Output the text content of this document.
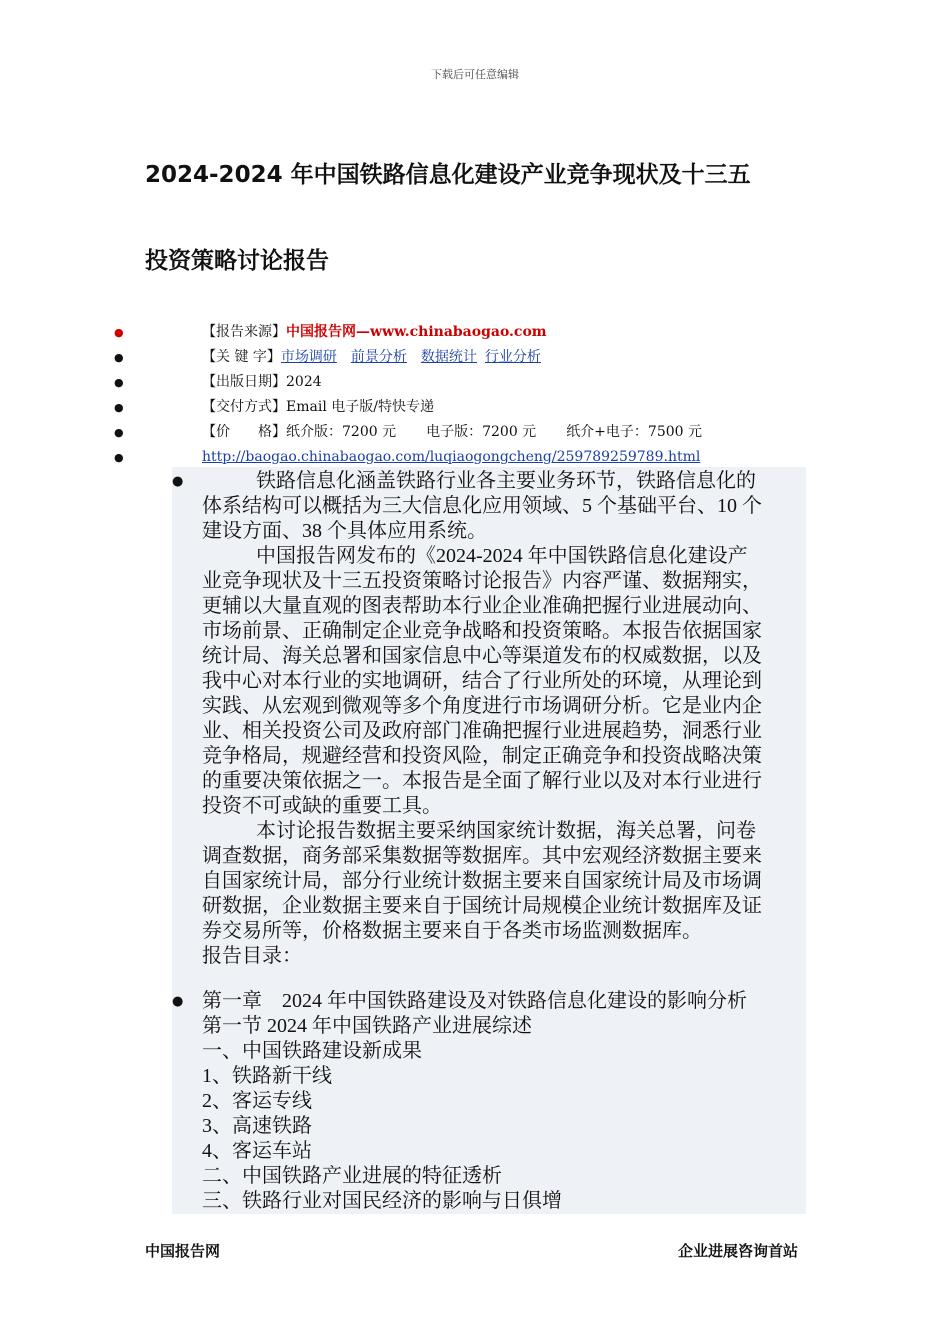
下载后可任意编辑
2024-2024 年中国铁路信息化建设产业竞争现状及十三五
投资策略讨论报告
●	【报告来源】中国报告网—www.chinabaogao.com
●	【关 键 字】市场调研 前景分析 数据统计 行业分析
●	【出版日期】2024
●	【交付方式】Email 电子版/特快专递
●	【价　　格】纸介版：7200 元 电子版：7200 元 纸介+电子：7500 元
●	http://baogao.chinabaogao.com/luqiaogongcheng/259789259789.html
●	铁路信息化涵盖铁路行业各主要业务环节，铁路信息化的
体系结构可以概括为三大信息化应用领域、5 个基础平台、10 个
建设方面、38 个具体应用系统。
中国报告网发布的《2024-2024 年中国铁路信息化建设产
业竞争现状及十三五投资策略讨论报告》内容严谨、数据翔实，
更辅以大量直观的图表帮助本行业企业准确把握行业进展动向、
市场前景、正确制定企业竞争战略和投资策略。本报告依据国家
统计局、海关总署和国家信息中心等渠道发布的权威数据，以及
我中心对本行业的实地调研，结合了行业所处的环境，从理论到
实践、从宏观到微观等多个角度进行市场调研分析。它是业内企
业、相关投资公司及政府部门准确把握行业进展趋势，洞悉行业
竞争格局，规避经营和投资风险，制定正确竞争和投资战略决策
的重要决策依据之一。本报告是全面了解行业以及对本行业进行
投资不可或缺的重要工具。
本讨论报告数据主要采纳国家统计数据，海关总署，问卷
调查数据，商务部采集数据等数据库。其中宏观经济数据主要来
自国家统计局，部分行业统计数据主要来自国家统计局及市场调
研数据，企业数据主要来自于国统计局规模企业统计数据库及证
券交易所等，价格数据主要来自于各类市场监测数据库。
报告目录：
● 第一章　2024 年中国铁路建设及对铁路信息化建设的影响分析
第一节 2024 年中国铁路产业进展综述
一、中国铁路建设新成果
1、铁路新干线
2、客运专线
3、高速铁路
4、客运车站
二、中国铁路产业进展的特征透析
三、铁路行业对国民经济的影响与日俱增
中国报告网	企业进展咨询首站
